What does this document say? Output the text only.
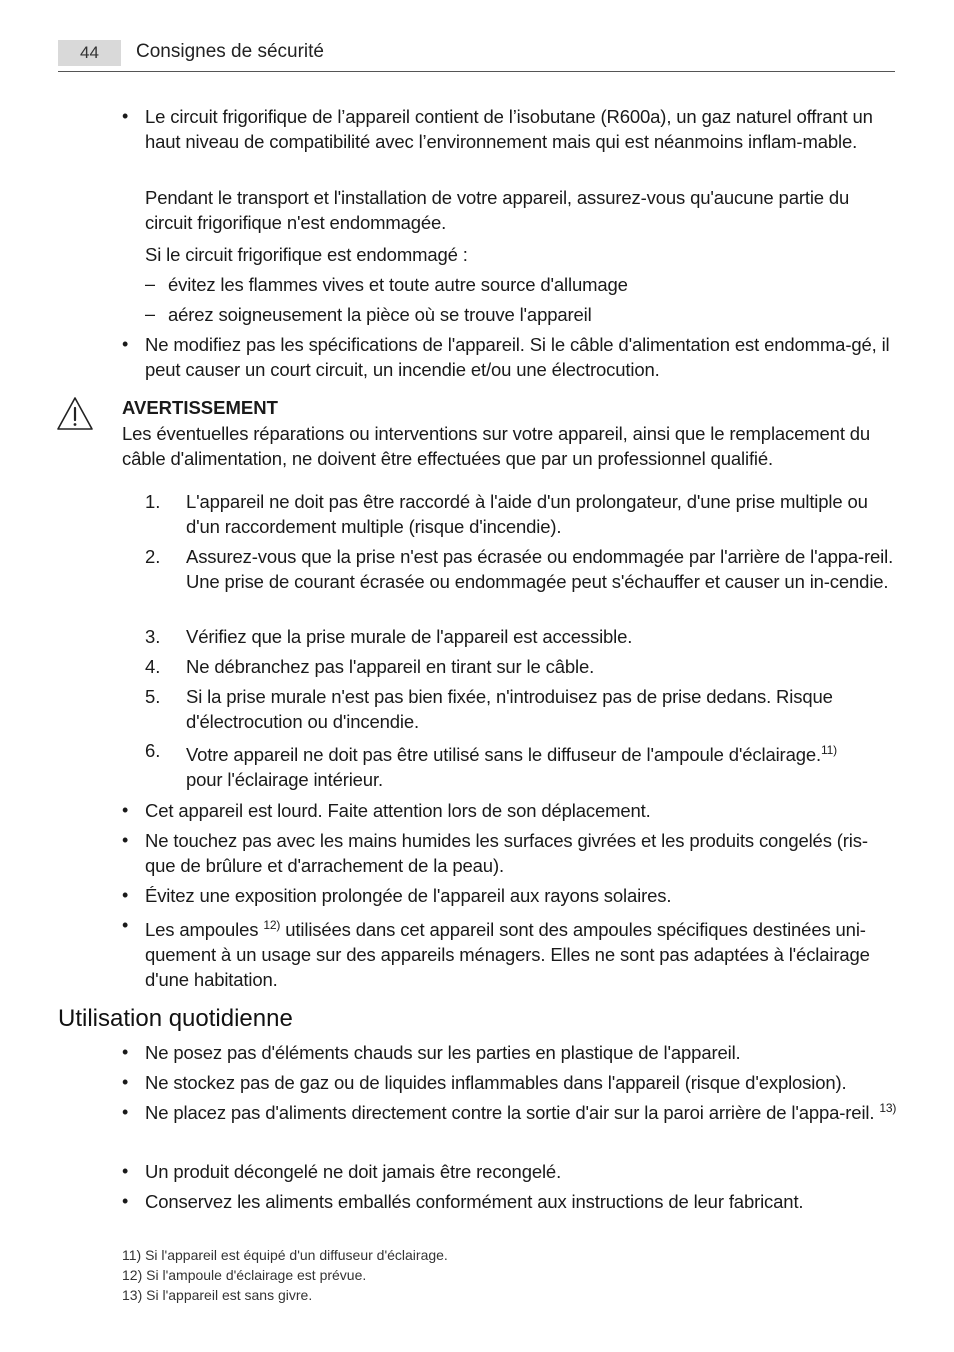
44	Consignes de sécurité
• Le circuit frigorifique de l’appareil contient de l’isobutane (R600a), un gaz naturel offrant un haut niveau de compatibilité avec l’environnement mais qui est néanmoins inflam-mable.
Pendant le transport et l'installation de votre appareil, assurez-vous qu'aucune partie du circuit frigorifique n'est endommagée.
Si le circuit frigorifique est endommagé :
– évitez les flammes vives et toute autre source d'allumage
– aérez soigneusement la pièce où se trouve l'appareil
• Ne modifiez pas les spécifications de l'appareil. Si le câble d'alimentation est endomma-gé, il peut causer un court circuit, un incendie et/ou une électrocution.
AVERTISSEMENT
Les éventuelles réparations ou interventions sur votre appareil, ainsi que le remplacement du câble d'alimentation, ne doivent être effectuées que par un professionnel qualifié.
1. L'appareil ne doit pas être raccordé à l'aide d'un prolongateur, d'une prise multiple ou d'un raccordement multiple (risque d'incendie).
2. Assurez-vous que la prise n'est pas écrasée ou endommagée par l'arrière de l'appa-reil. Une prise de courant écrasée ou endommagée peut s'échauffer et causer un in-cendie.
3. Vérifiez que la prise murale de l'appareil est accessible.
4. Ne débranchez pas l'appareil en tirant sur le câble.
5. Si la prise murale n'est pas bien fixée, n'introduisez pas de prise dedans. Risque d'électrocution ou d'incendie.
6. Votre appareil ne doit pas être utilisé sans le diffuseur de l'ampoule d'éclairage.$^{11)}$
pour l'éclairage intérieur.
• Cet appareil est lourd. Faite attention lors de son déplacement.
• Ne touchez pas avec les mains humides les surfaces givrées et les produits congelés (ris-que de brûlure et d'arrachement de la peau).
• Évitez une exposition prolongée de l'appareil aux rayons solaires.
• Les ampoules $^{12)}$ utilisées dans cet appareil sont des ampoules spécifiques destinées uni-quement à un usage sur des appareils ménagers. Elles ne sont pas adaptées à l'éclairage d'une habitation.
Utilisation quotidienne
• Ne posez pas d'éléments chauds sur les parties en plastique de l'appareil.
• Ne stockez pas de gaz ou de liquides inflammables dans l'appareil (risque d'explosion).
• Ne placez pas d'aliments directement contre la sortie d'air sur la paroi arrière de l'appa-reil. $^{13)}$
• Un produit décongelé ne doit jamais être recongelé.
• Conservez les aliments emballés conformément aux instructions de leur fabricant.
11) Si l'appareil est équipé d'un diffuseur d'éclairage.
12) Si l'ampoule d'éclairage est prévue.
13) Si l'appareil est sans givre.
